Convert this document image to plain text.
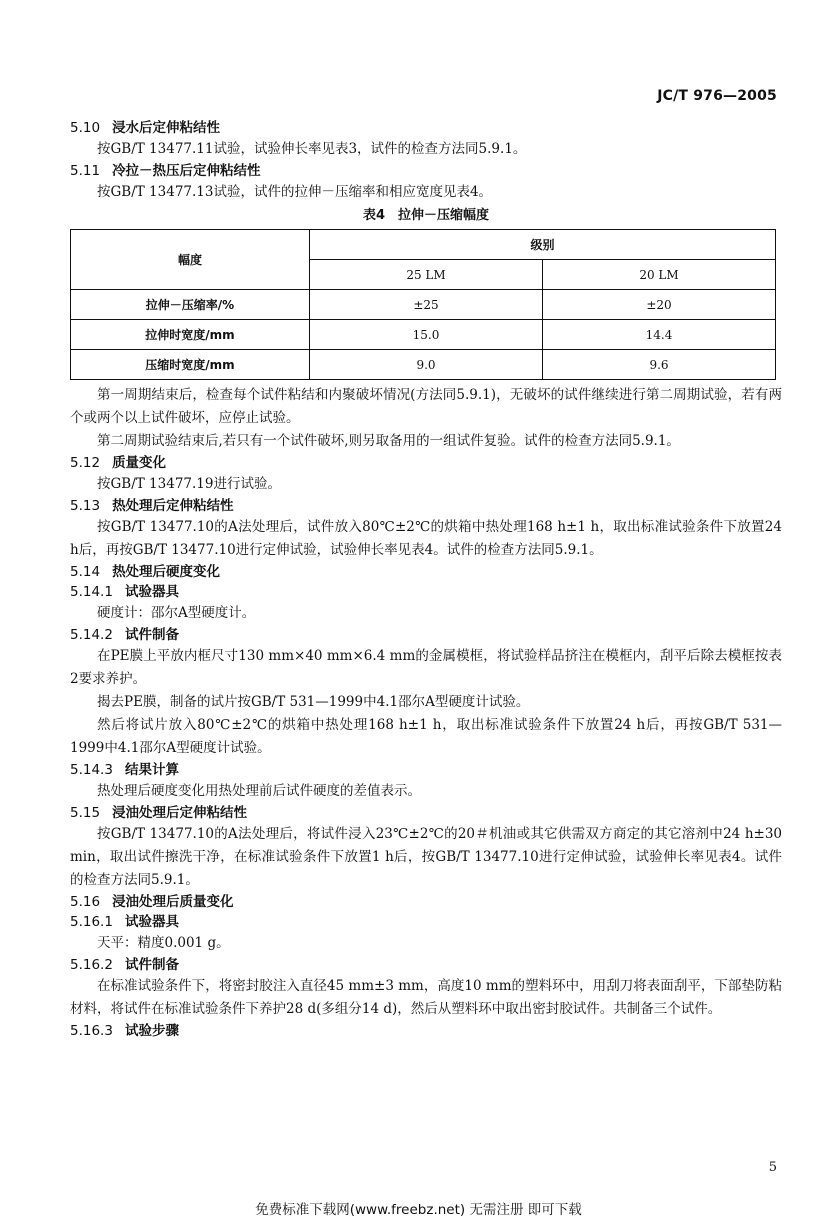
JC/T 976—2005
5.10 浸水后定伸粘结性

按GB/T 13477.11试验，试验伸长率见表3，试件的检查方法同5.9.1。

5.11 冷拉－热压后定伸粘结性

按GB/T 13477.13试验，试件的拉伸－压缩率和相应宽度见表4。

表4　拉伸－压缩幅度
幅度	级别	
	25 LM	20 LM
拉伸－压缩率/%	±25	±20
拉伸时宽度/mm	15.0	14.4
压缩时宽度/mm	9.0	9.6

第一周期结束后，检查每个试件粘结和内聚破坏情况(方法同5.9.1)，无破坏的试件继续进行第二周期试验，若有两个或两个以上试件破坏，应停止试验。

第二周期试验结束后,若只有一个试件破坏,则另取备用的一组试件复验。试件的检查方法同5.9.1。

5.12 质量变化

按GB/T 13477.19进行试验。

5.13 热处理后定伸粘结性

按GB/T 13477.10的A法处理后，试件放入80℃±2℃的烘箱中热处理168 h±1 h，取出标准试验条件下放置24 h后，再按GB/T 13477.10进行定伸试验，试验伸长率见表4。试件的检查方法同5.9.1。

5.14 热处理后硬度变化
5.14.1 试验器具

硬度计：邵尔A型硬度计。

5.14.2 试件制备

在PE膜上平放内框尺寸130 mm×40 mm×6.4 mm的金属模框，将试验样品挤注在模框内，刮平后除去模框按表2要求养护。

揭去PE膜，制备的试片按GB/T 531—1999中4.1邵尔A型硬度计试验。

然后将试片放入80℃±2℃的烘箱中热处理168 h±1 h，取出标准试验条件下放置24 h后，再按GB/T 531—1999中4.1邵尔A型硬度计试验。

5.14.3 结果计算

热处理后硬度变化用热处理前后试件硬度的差值表示。

5.15 浸油处理后定伸粘结性

按GB/T 13477.10的A法处理后，将试件浸入23℃±2℃的20＃机油或其它供需双方商定的其它溶剂中24 h±30 min，取出试件擦洗干净，在标准试验条件下放置1 h后，按GB/T 13477.10进行定伸试验，试验伸长率见表4。试件的检查方法同5.9.1。

5.16 浸油处理后质量变化
5.16.1 试验器具

天平：精度0.001 g。

5.16.2 试件制备

在标准试验条件下，将密封胶注入直径45 mm±3 mm，高度10 mm的塑料环中，用刮刀将表面刮平，下部垫防粘材料，将试件在标准试验条件下养护28 d(多组分14 d)，然后从塑料环中取出密封胶试件。共制备三个试件。

5.16.3 试验步骤
5
免费标准下载网(www.freebz.net) 无需注册 即可下载
